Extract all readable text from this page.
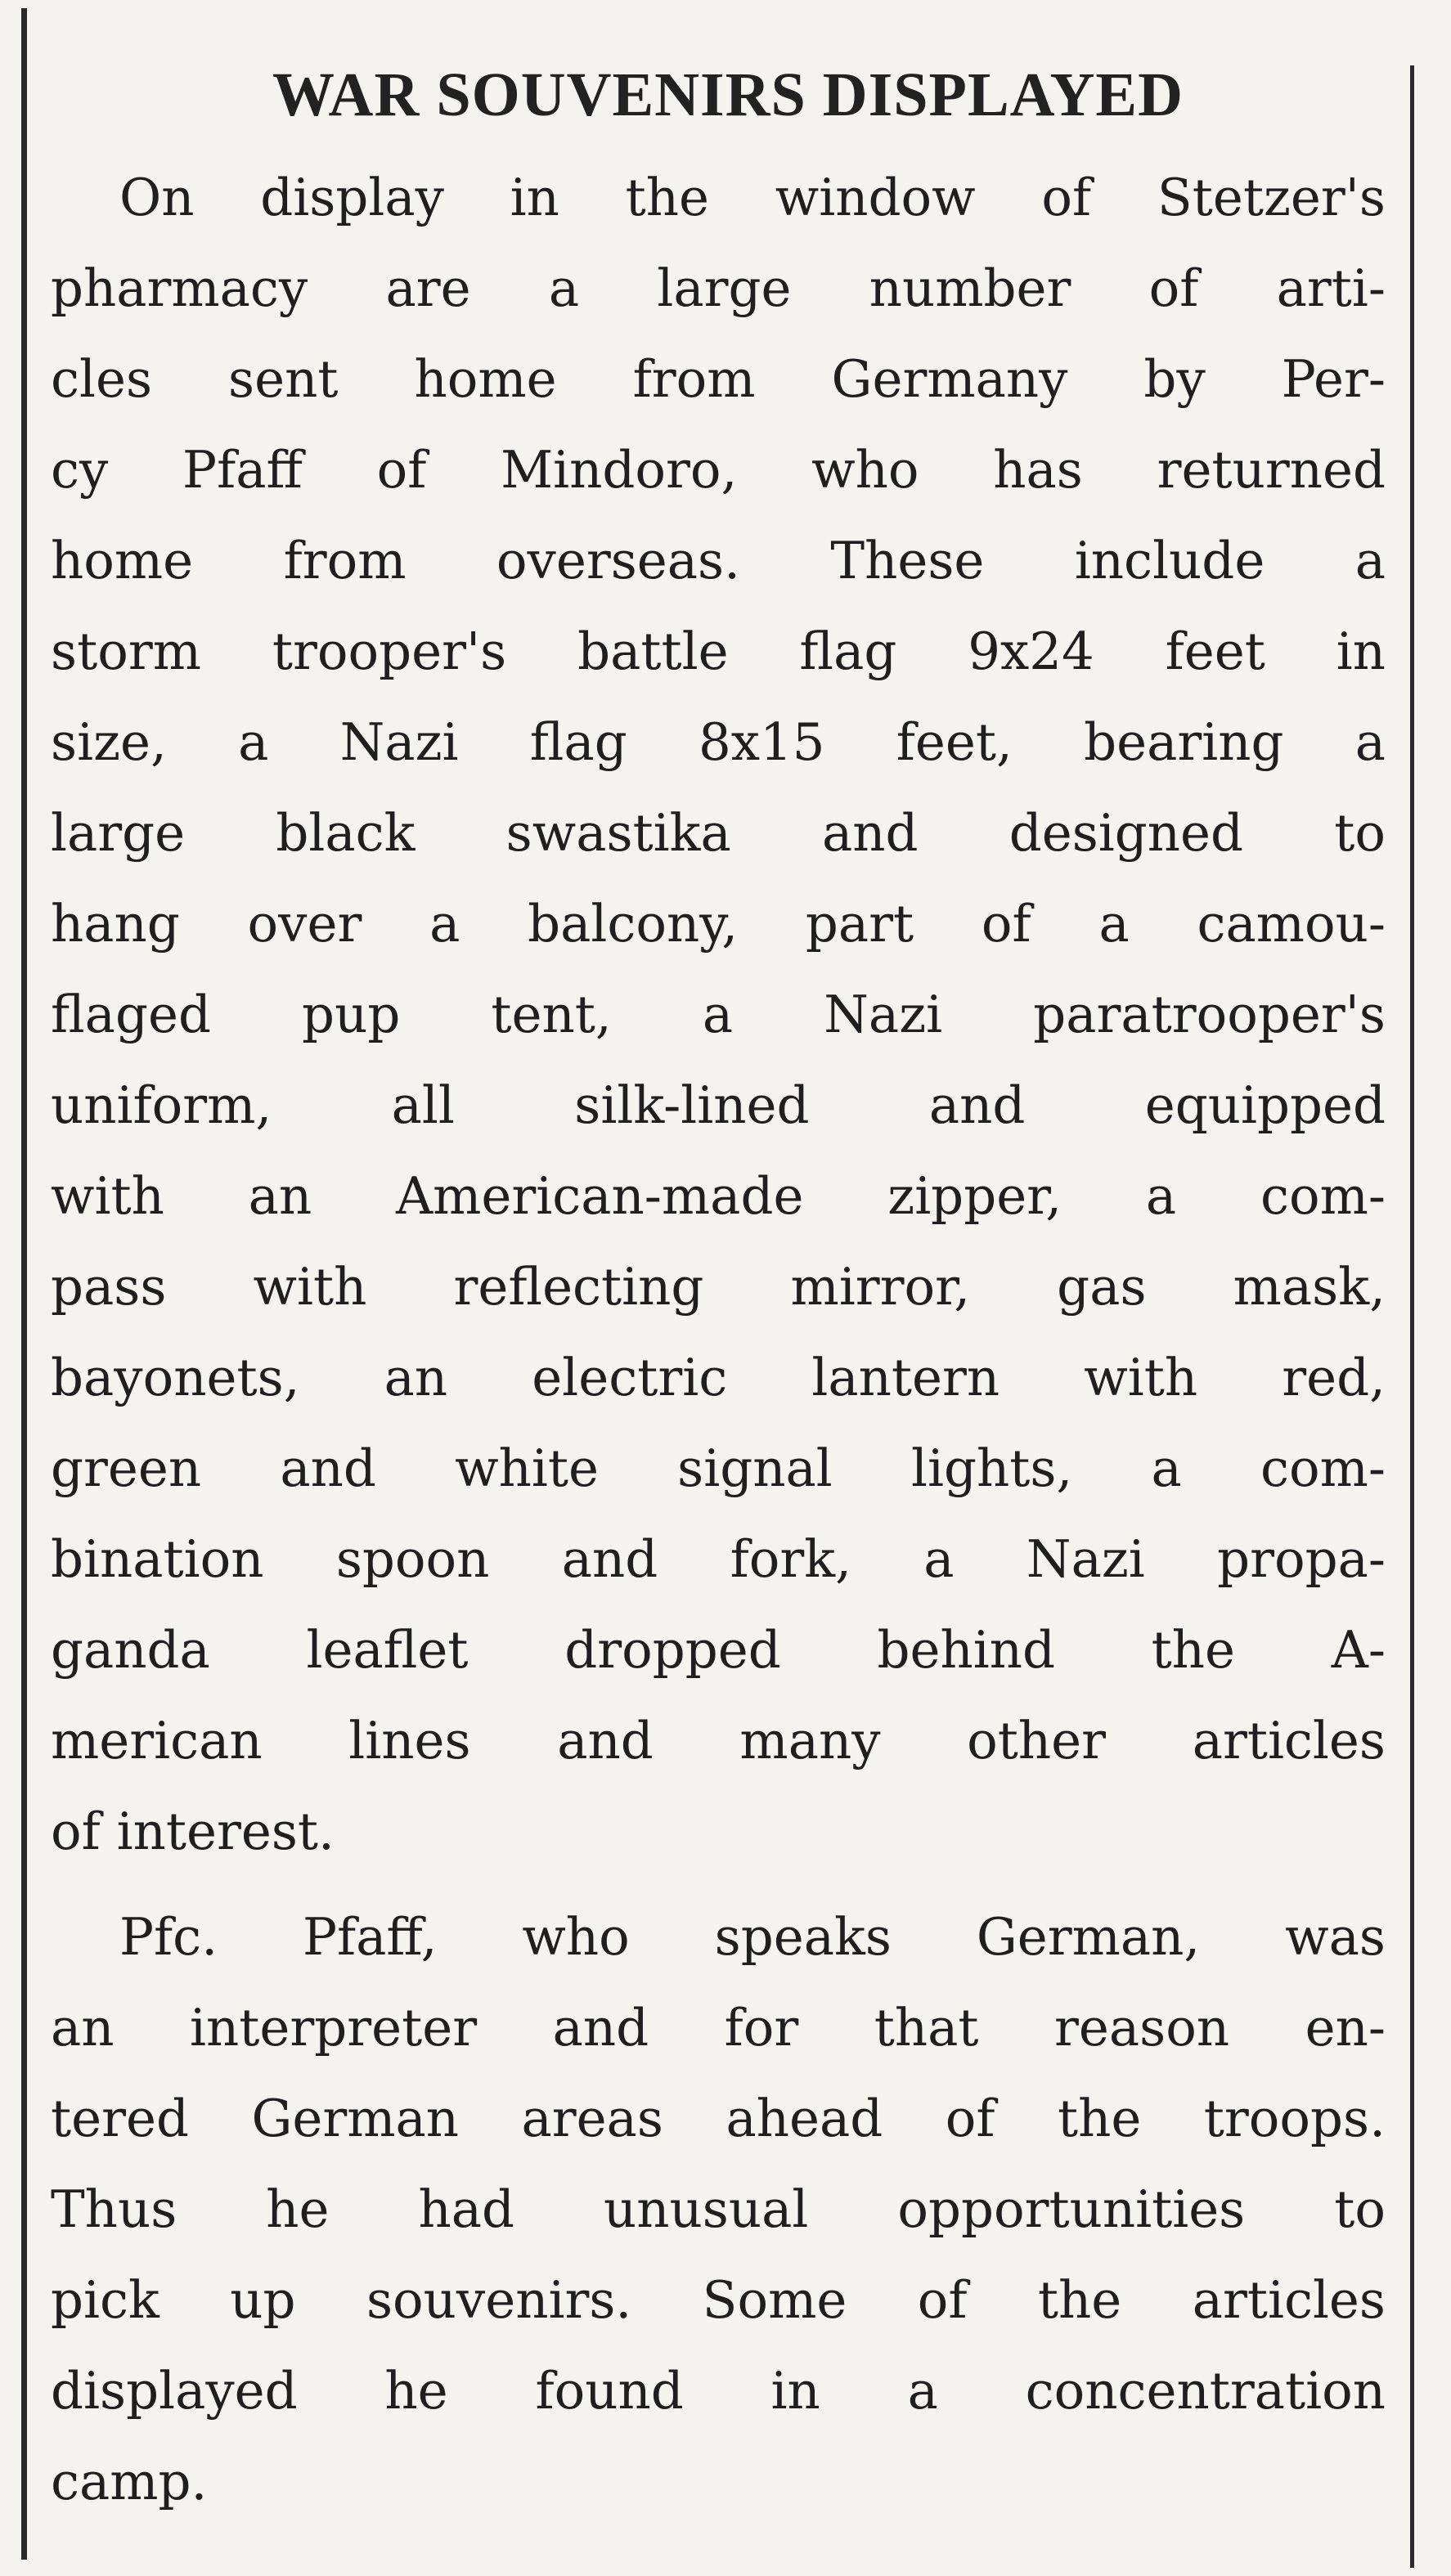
WAR SOUVENIRS DISPLAYED

On display in the window of Stetzer's
pharmacy are a large number of arti-
cles sent home from Germany by Per-
cy Pfaff of Mindoro, who has returned
home from overseas. These include a
storm trooper's battle flag 9x24 feet in
size, a Nazi flag 8x15 feet, bearing a
large black swastika and designed to
hang over a balcony, part of a camou-
flaged pup tent, a Nazi paratrooper's
uniform, all silk-lined and equipped
with an American-made zipper, a com-
pass with reflecting mirror, gas mask,
bayonets, an electric lantern with red,
green and white signal lights, a com-
bination spoon and fork, a Nazi propa-
ganda leaflet dropped behind the A-
merican lines and many other articles
of interest.

Pfc. Pfaff, who speaks German, was
an interpreter and for that reason en-
tered German areas ahead of the troops.
Thus he had unusual opportunities to
pick up souvenirs. Some of the articles
displayed he found in a concentration
camp.
